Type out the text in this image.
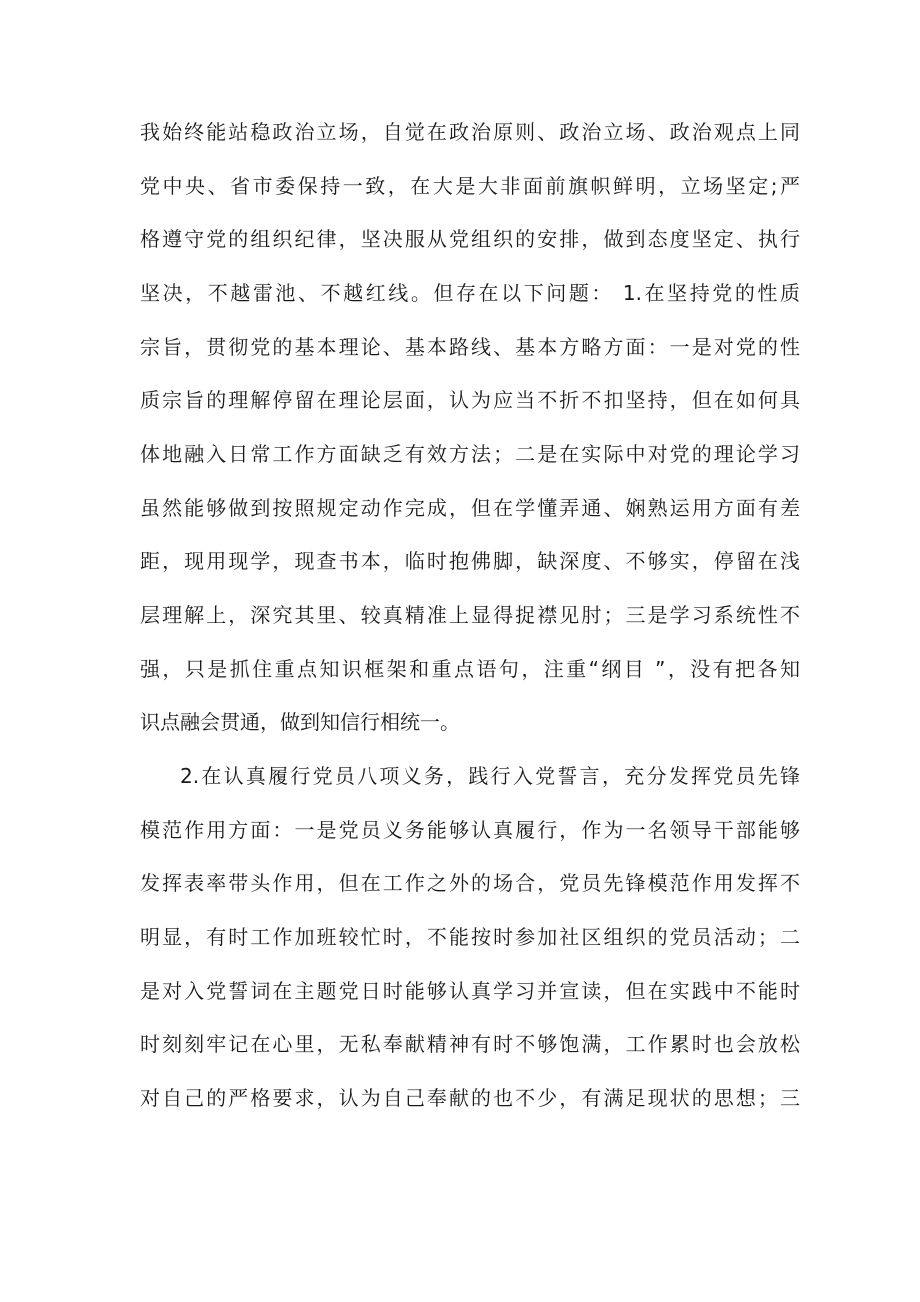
我始终能站稳政治立场，自觉在政治原则、政治立场、政治观点上同
党中央、省市委保持一致，在大是大非面前旗帜鲜明，立场坚定;严
格遵守党的组织纪律，坚决服从党组织的安排，做到态度坚定、执行
坚决，不越雷池、不越红线。但存在以下问题： 1.在坚持党的性质
宗旨，贯彻党的基本理论、基本路线、基本方略方面：一是对党的性
质宗旨的理解停留在理论层面，认为应当不折不扣坚持，但在如何具
体地融入日常工作方面缺乏有效方法；二是在实际中对党的理论学习
虽然能够做到按照规定动作完成，但在学懂弄通、娴熟运用方面有差
距，现用现学，现查书本，临时抱佛脚，缺深度、不够实，停留在浅
层理解上，深究其里、较真精准上显得捉襟见肘；三是学习系统性不
强，只是抓住重点知识框架和重点语句，注重“纲目 ”，没有把各知
识点融会贯通，做到知信行相统一。
2.在认真履行党员八项义务，践行入党誓言，充分发挥党员先锋
模范作用方面：一是党员义务能够认真履行，作为一名领导干部能够
发挥表率带头作用，但在工作之外的场合，党员先锋模范作用发挥不
明显，有时工作加班较忙时，不能按时参加社区组织的党员活动；二
是对入党誓词在主题党日时能够认真学习并宣读，但在实践中不能时
时刻刻牢记在心里，无私奉献精神有时不够饱满，工作累时也会放松
对自己的严格要求，认为自己奉献的也不少，有满足现状的思想；三
